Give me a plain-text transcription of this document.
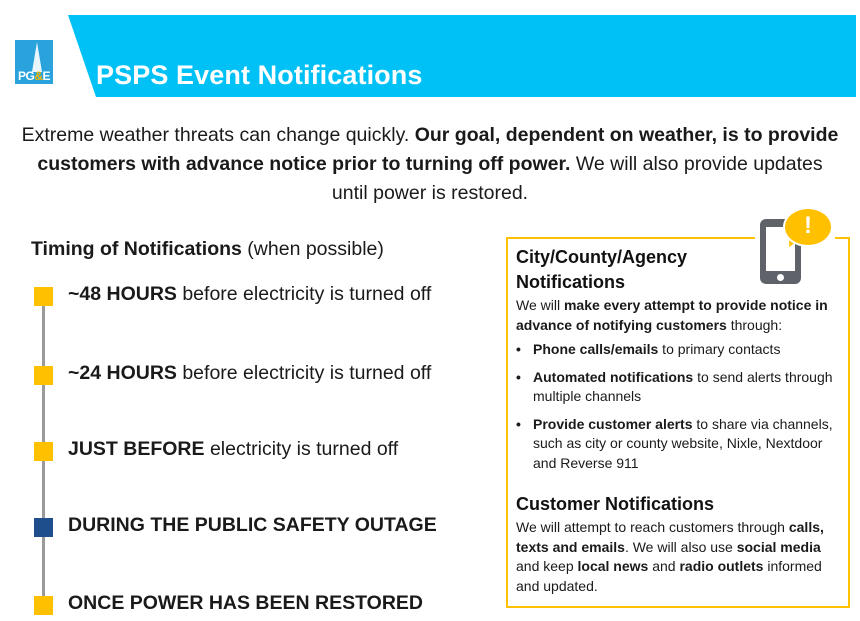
PG&E PSPS Event Notifications
Extreme weather threats can change quickly. Our goal, dependent on weather, is to provide customers with advance notice prior to turning off power. We will also provide updates until power is restored.
Timing of Notifications (when possible)
~48 HOURS before electricity is turned off
~24 HOURS before electricity is turned off
JUST BEFORE electricity is turned off
DURING THE PUBLIC SAFETY OUTAGE
ONCE POWER HAS BEEN RESTORED
!
City/County/Agency Notifications
We will make every attempt to provide notice in advance of notifying customers through:
• Phone calls/emails to primary contacts
• Automated notifications to send alerts through multiple channels
• Provide customer alerts to share via channels, such as city or county website, Nixle, Nextdoor and Reverse 911
Customer Notifications
We will attempt to reach customers through calls, texts and emails. We will also use social media and keep local news and radio outlets informed and updated.
